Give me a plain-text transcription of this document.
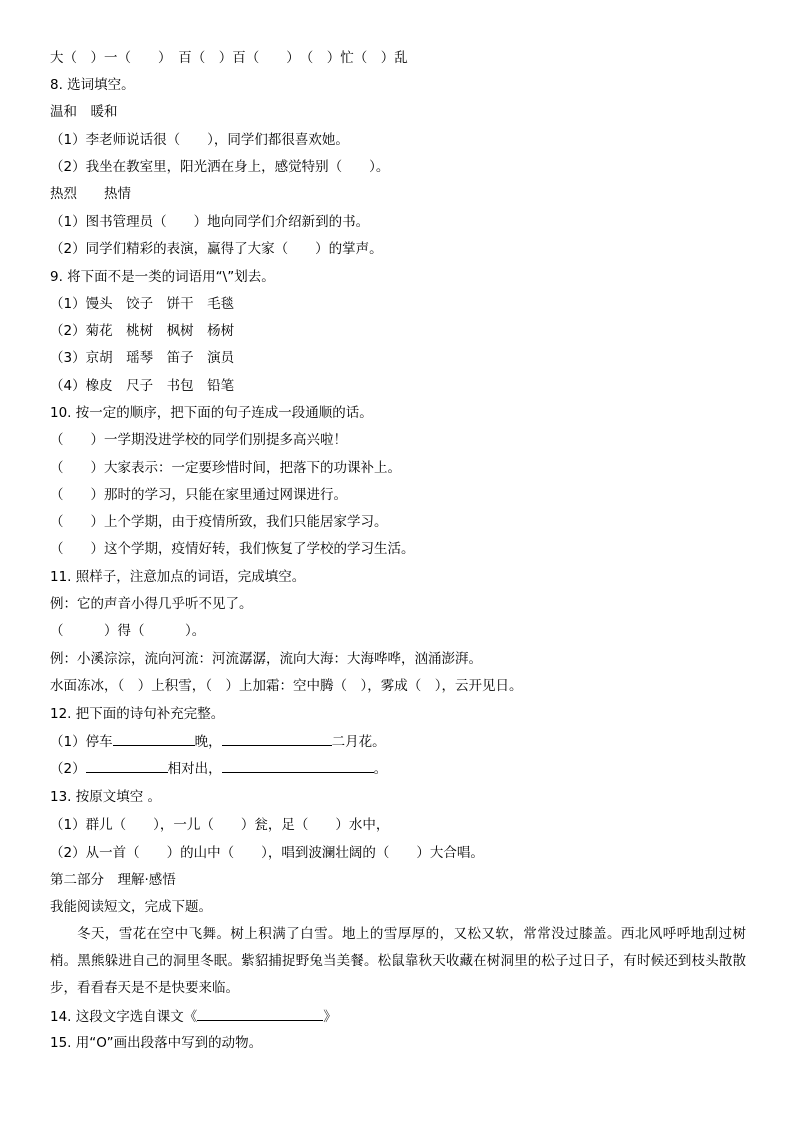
大（　）一（　　）　百（　）百（　　）　（　）忙（　）乱
8. 选词填空。
温和　暖和
（1）李老师说话很（　　），同学们都很喜欢她。
（2）我坐在教室里，阳光洒在身上，感觉特别（　　）。
热烈　　热情
（1）图书管理员（　　）地向同学们介绍新到的书。
（2）同学们精彩的表演，赢得了大家（　　）的掌声。
9. 将下面不是一类的词语用“\”划去。
（1）馒头　饺子　饼干　毛毯
（2）菊花　桃树　枫树　杨树
（3）京胡　瑶琴　笛子　演员
（4）橡皮　尺子　书包　铅笔
10. 按一定的顺序，把下面的句子连成一段通顺的话。
（　　）一学期没进学校的同学们别提多高兴啦！
（　　）大家表示：一定要珍惜时间，把落下的功课补上。
（　　）那时的学习，只能在家里通过网课进行。
（　　）上个学期，由于疫情所致，我们只能居家学习。
（　　）这个学期，疫情好转，我们恢复了学校的学习生活。
11. 照样子，注意加点的词语，完成填空。
例：它的声音小得几乎听不见了。
（　　　）得（　　　）。
例：小溪淙淙，流向河流：河流潺潺，流向大海：大海哗哗，汹涌澎湃。
水面冻冰，（　）上积雪，（　）上加霜：空中腾（　），雾成（　），云开见日。
12. 把下面的诗句补充完整。
（1）停车	晚，	二月花。
（2）	相对出，	。
13. 按原文填空 。
（1）群儿（　　），一儿（　　）瓮，足（　　）水中，
（2）从一首（　　）的山中（　　），唱到波澜壮阔的（　　）大合唱。
第二部分　理解·感悟
我能阅读短文，完成下题。
冬天，雪花在空中飞舞。树上积满了白雪。地上的雪厚厚的，又松又软，常常没过膝盖。西北风呼呼地刮过树梢。黑熊躲进自己的洞里冬眠。紫貂捕捉野兔当美餐。松鼠靠秋天收藏在树洞里的松子过日子，有时候还到枝头散散步，看看春天是不是快要来临。
14. 这段文字选自课文《	》
15. 用“O”画出段落中写到的动物。
